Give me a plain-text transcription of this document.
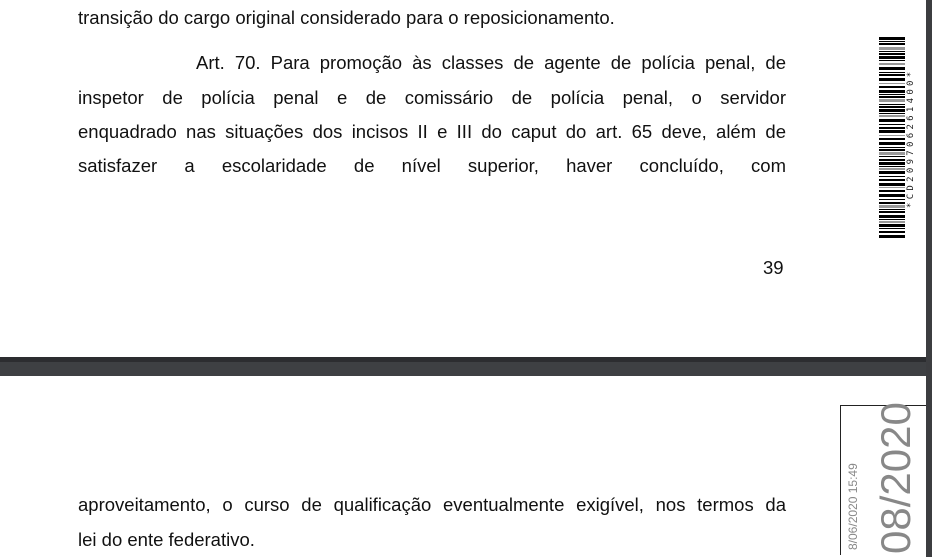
transição do cargo original considerado para o reposicionamento.
Art. 70. Para promoção às classes de agente de polícia penal, de
inspetor de polícia penal e de comissário de polícia penal, o servidor
enquadrado nas situações dos incisos II e III do caput do art. 65 deve, além de
satisfazer a escolaridade de nível superior, haver concluído, com
39
*CD209706261400*
aproveitamento, o curso de qualificação eventualmente exigível, nos termos da
lei do ente federativo.	8/06/2020 15:49 08/2020
